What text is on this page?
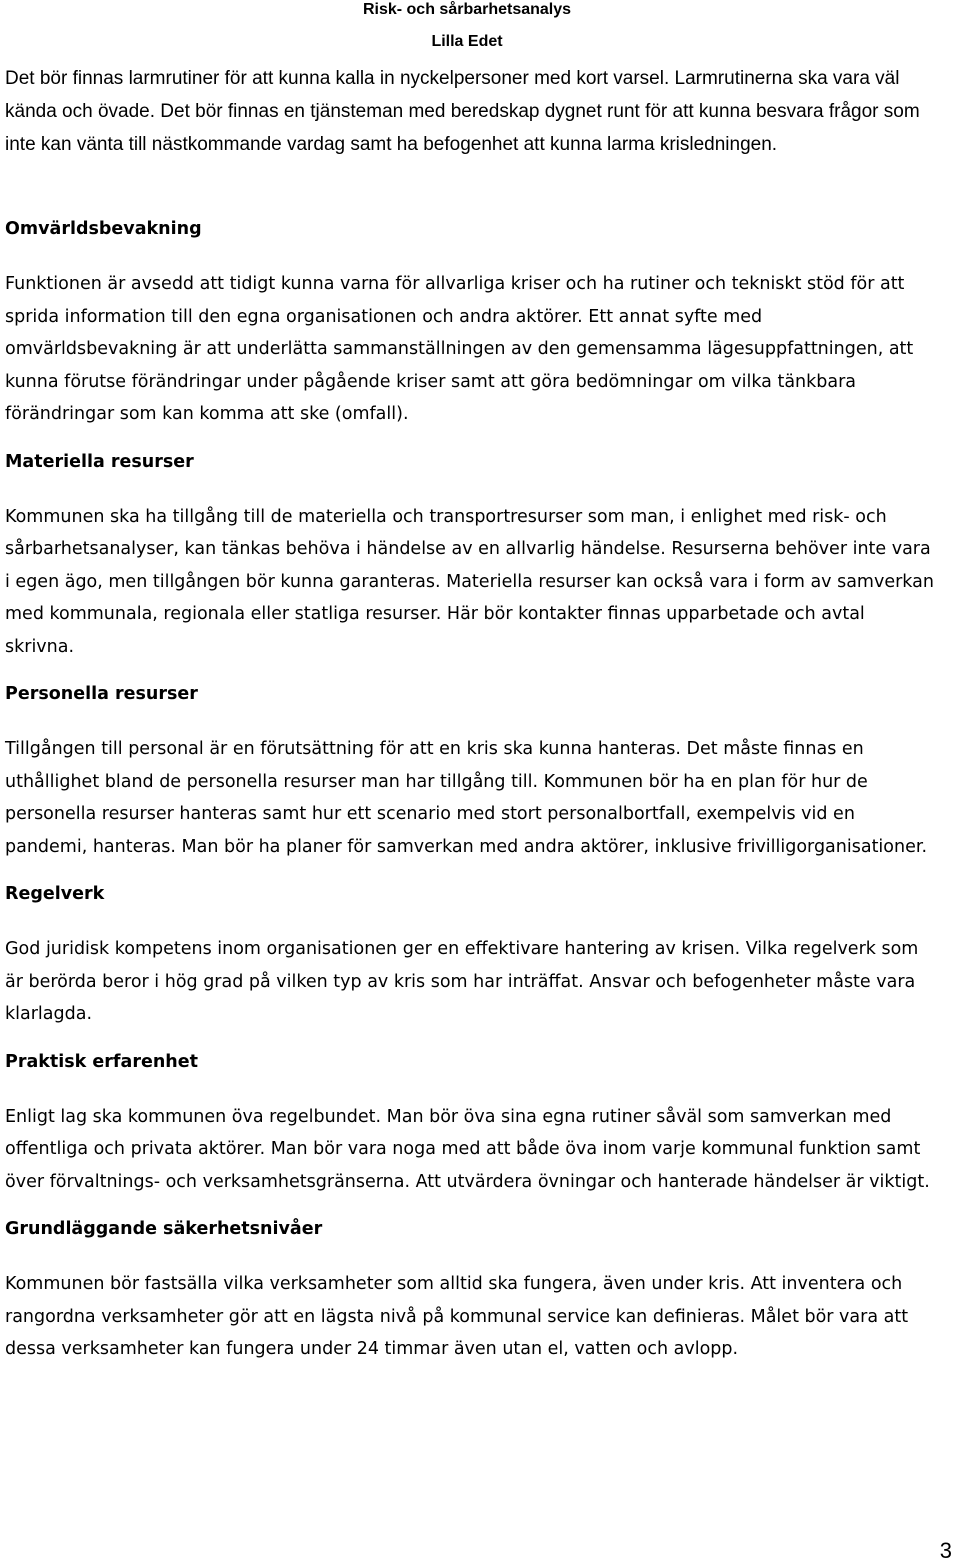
Risk- och sårbarhetsanalys
Lilla Edet

Det bör finnas larmrutiner för att kunna kalla in nyckelpersoner med kort varsel. Larmrutinerna ska vara väl kända och övade. Det bör finnas en tjänsteman med beredskap dygnet runt för att kunna besvara frågor som inte kan vänta till nästkommande vardag samt ha befogenhet att kunna larma krisledningen.

Omvärldsbevakning

Funktionen är avsedd att tidigt kunna varna för allvarliga kriser och ha rutiner och tekniskt stöd för att sprida information till den egna organisationen och andra aktörer. Ett annat syfte med omvärldsbevakning är att underlätta sammanställningen av den gemensamma lägesuppfattningen, att kunna förutse förändringar under pågående kriser samt att göra bedömningar om vilka tänkbara förändringar som kan komma att ske (omfall).

Materiella resurser

Kommunen ska ha tillgång till de materiella och transportresurser som man, i enlighet med risk- och sårbarhetsanalyser, kan tänkas behöva i händelse av en allvarlig händelse. Resurserna behöver inte vara i egen ägo, men tillgången bör kunna garanteras. Materiella resurser kan också vara i form av samverkan med kommunala, regionala eller statliga resurser. Här bör kontakter finnas upparbetade och avtal skrivna.

Personella resurser

Tillgången till personal är en förutsättning för att en kris ska kunna hanteras. Det måste finnas en uthållighet bland de personella resurser man har tillgång till. Kommunen bör ha en plan för hur de personella resurser hanteras samt hur ett scenario med stort personalbortfall, exempelvis vid en pandemi, hanteras. Man bör ha planer för samverkan med andra aktörer, inklusive frivilligorganisationer.

Regelverk

God juridisk kompetens inom organisationen ger en effektivare hantering av krisen. Vilka regelverk som är berörda beror i hög grad på vilken typ av kris som har inträffat. Ansvar och befogenheter måste vara klarlagda.

Praktisk erfarenhet

Enligt lag ska kommunen öva regelbundet. Man bör öva sina egna rutiner såväl som samverkan med offentliga och privata aktörer. Man bör vara noga med att både öva inom varje kommunal funktion samt över förvaltnings- och verksamhetsgränserna. Att utvärdera övningar och hanterade händelser är viktigt.

Grundläggande säkerhetsnivåer

Kommunen bör fastsälla vilka verksamheter som alltid ska fungera, även under kris. Att inventera och rangordna verksamheter gör att en lägsta nivå på kommunal service kan definieras. Målet bör vara att dessa verksamheter kan fungera under 24 timmar även utan el, vatten och avlopp.

3
